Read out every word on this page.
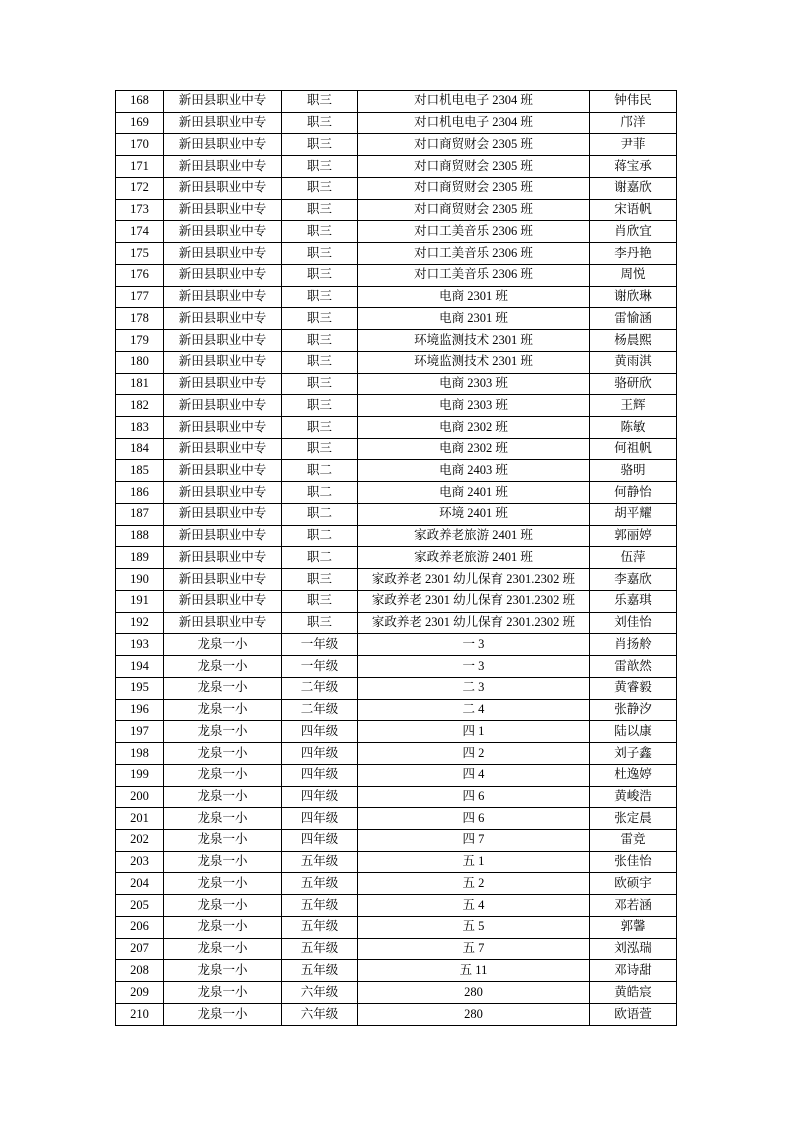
168	新田县职业中专	职三	对口机电电子 2304 班	钟伟民
169	新田县职业中专	职三	对口机电电子 2304 班	邝洋
170	新田县职业中专	职三	对口商贸财会 2305 班	尹菲
171	新田县职业中专	职三	对口商贸财会 2305 班	蒋宝承
172	新田县职业中专	职三	对口商贸财会 2305 班	谢嘉欣
173	新田县职业中专	职三	对口商贸财会 2305 班	宋语帆
174	新田县职业中专	职三	对口工美音乐 2306 班	肖欣宜
175	新田县职业中专	职三	对口工美音乐 2306 班	李丹艳
176	新田县职业中专	职三	对口工美音乐 2306 班	周悦
177	新田县职业中专	职三	电商 2301 班	谢欣琳
178	新田县职业中专	职三	电商 2301 班	雷愉涵
179	新田县职业中专	职三	环境监测技术 2301 班	杨晨熙
180	新田县职业中专	职三	环境监测技术 2301 班	黄雨淇
181	新田县职业中专	职三	电商 2303 班	骆研欣
182	新田县职业中专	职三	电商 2303 班	王辉
183	新田县职业中专	职三	电商 2302 班	陈敏
184	新田县职业中专	职三	电商 2302 班	何祖帆
185	新田县职业中专	职二	电商 2403 班	骆明
186	新田县职业中专	职二	电商 2401 班	何静怡
187	新田县职业中专	职二	环境 2401 班	胡平耀
188	新田县职业中专	职二	家政养老旅游 2401 班	郭丽婷
189	新田县职业中专	职二	家政养老旅游 2401 班	伍萍
190	新田县职业中专	职三	家政养老 2301 幼儿保育 2301.2302 班	李嘉欣
191	新田县职业中专	职三	家政养老 2301 幼儿保育 2301.2302 班	乐嘉琪
192	新田县职业中专	职三	家政养老 2301 幼儿保育 2301.2302 班	刘佳怡
193	龙泉一小	一年级	一 3	肖扬舲
194	龙泉一小	一年级	一 3	雷歆然
195	龙泉一小	二年级	二 3	黄睿毅
196	龙泉一小	二年级	二 4	张静汐
197	龙泉一小	四年级	四 1	陆以康
198	龙泉一小	四年级	四 2	刘子鑫
199	龙泉一小	四年级	四 4	杜逸婷
200	龙泉一小	四年级	四 6	黄峻浩
201	龙泉一小	四年级	四 6	张定晨
202	龙泉一小	四年级	四 7	雷竞
203	龙泉一小	五年级	五 1	张佳怡
204	龙泉一小	五年级	五 2	欧硕宇
205	龙泉一小	五年级	五 4	邓若涵
206	龙泉一小	五年级	五 5	郭馨
207	龙泉一小	五年级	五 7	刘泓瑞
208	龙泉一小	五年级	五 11	邓诗甜
209	龙泉一小	六年级	280	黄皓宸
210	龙泉一小	六年级	280	欧语萱
